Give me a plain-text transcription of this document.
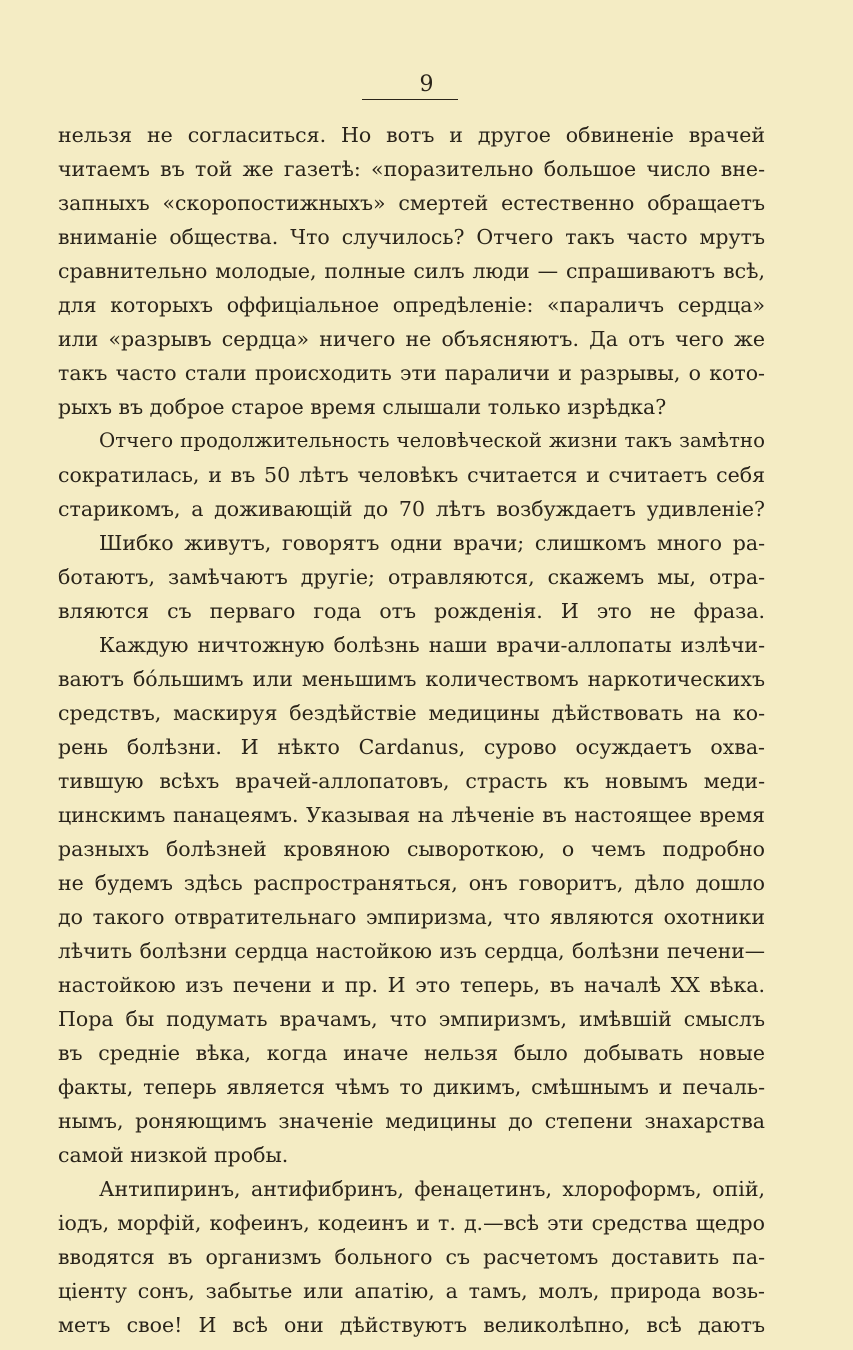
9
нельзя не согласиться. Но вотъ и другое обвиненіе врачей
читаемъ въ той же газетѣ: «поразительно большое число вне-
запныхъ «скоропостижныхъ» смертей естественно обращаетъ
вниманіе общества. Что случилось? Отчего такъ часто мрутъ
сравнительно молодые, полные силъ люди — спрашиваютъ всѣ,
для которыхъ оффиціальное опредѣленіе: «параличъ сердца»
или «разрывъ сердца» ничего не объясняютъ. Да отъ чего же
такъ часто стали происходить эти параличи и разрывы, о кото-
рыхъ въ доброе старое время слышали только изрѣдка?
Отчего продолжительность человѣческой жизни такъ замѣтно
сократилась, и въ 50 лѣтъ человѣкъ считается и считаетъ себя
старикомъ, а доживающій до 70 лѣтъ возбуждаетъ удивленіе?
Шибко живутъ, говорятъ одни врачи; слишкомъ много ра-
ботаютъ, замѣчаютъ другіе; отравляются, скажемъ мы, отра-
вляются съ перваго года отъ рожденія. И это не фраза.
Каждую ничтожную болѣзнь наши врачи-аллопаты излѣчи-
ваютъ бóльшимъ или меньшимъ количествомъ наркотическихъ
средствъ, маскируя бездѣйствіе медицины дѣйствовать на ко-
рень болѣзни. И нѣкто Cardanus, сурово осуждаетъ охва-
тившую всѣхъ врачей-аллопатовъ, страсть къ новымъ меди-
цинскимъ панацеямъ. Указывая на лѣченіе въ настоящее время
разныхъ болѣзней кровяною сывороткою, о чемъ подробно
не будемъ здѣсь распространяться, онъ говоритъ, дѣло дошло
до такого отвратительнаго эмпиризма, что являются охотники
лѣчить болѣзни сердца настойкою изъ сердца, болѣзни печени—
настойкою изъ печени и пр. И это теперь, въ началѣ XX вѣка.
Пора бы подумать врачамъ, что эмпиризмъ, имѣвшій смыслъ
въ средніе вѣка, когда иначе нельзя было добывать новые
факты, теперь является чѣмъ то дикимъ, смѣшнымъ и печаль-
нымъ, роняющимъ значеніе медицины до степени знахарства
самой низкой пробы.
Антипиринъ, антифибринъ, фенацетинъ, хлороформъ, опій,
іодъ, морфій, кофеинъ, кодеинъ и т. д.—всѣ эти средства щедро
вводятся въ организмъ больного съ расчетомъ доставить па-
ціенту сонъ, забытье или апатію, а тамъ, молъ, природа возь-
метъ свое! И всѣ они дѣйствуютъ великолѣпно, всѣ даютъ
